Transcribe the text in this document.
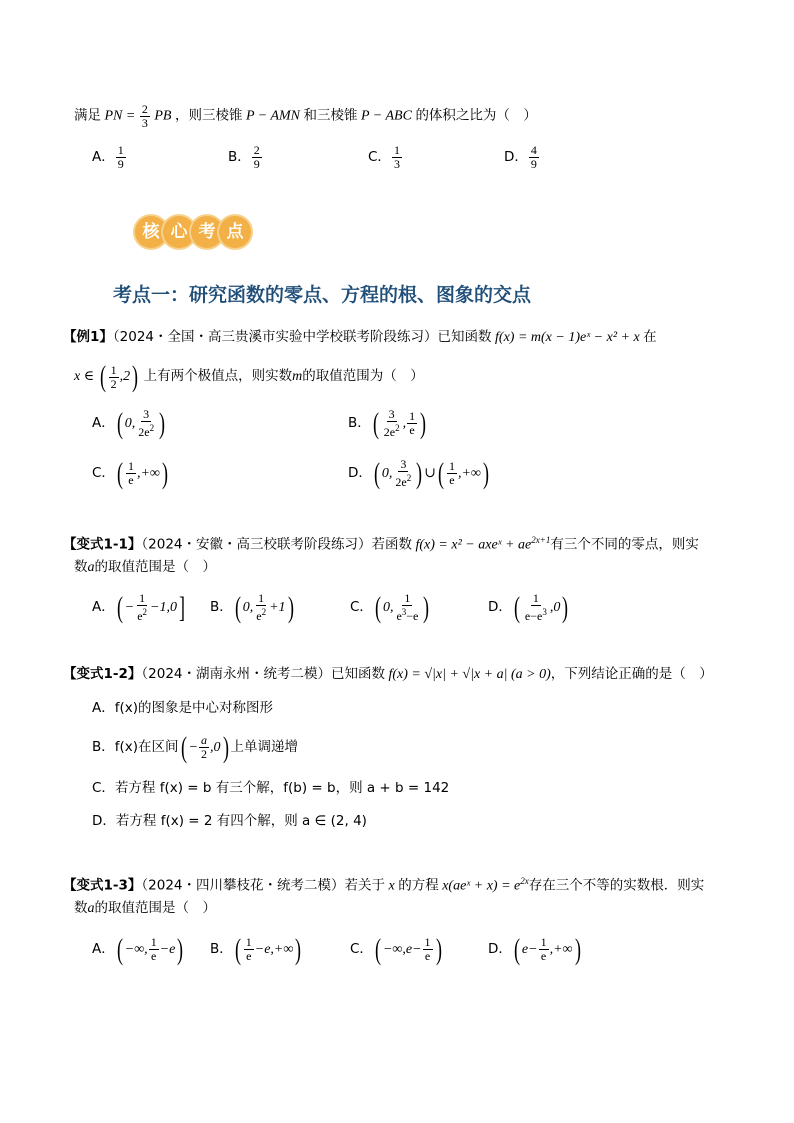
满足 PN = $\frac{2}{3}$ PB ，则三棱锥 P − AMN 和三棱锥 P − ABC 的体积之比为（　）
A． $\frac{1}{9}$	B． $\frac{2}{9}$	C． $\frac{1}{3}$	D． $\frac{4}{9}$
核 心 考 点
考点一：研究函数的零点、方程的根、图象的交点
【例1】（2024・全国・高三贵溪市实验中学校联考阶段练习）已知函数 f(x) = m(x − 1)eˣ − x² + x 在
x ∈ ( $\frac{1}{2} ,2$) 上有两个极值点，则实数m的取值范围为（　）
A．( 0, $\frac{3}{2e^2}$ )	B．( $\frac{3}{2e^2}$ , $\frac{1}{e}$ )
C．( $\frac{1}{e}$ ,+∞)	D．( 0, $\frac{3}{2e^2}$ ) ∪( $\frac{1}{e}$ ,+∞)
【变式1-1】（2024・安徽・高三校联考阶段练习）若函数 f(x) = x² − axeˣ + $ae^{2x+1}$有三个不同的零点，则实
数a的取值范围是（　）
A．( − $\frac{1}{e^2} -1,0$]	B．( 0, $\frac{1}{e^2} +1$)	C．( 0, $\frac{1}{e^3-e}$ )	D．( $\frac{1}{e-e^3} ,0$)
【变式1-2】（2024・湖南永州・统考二模）已知函数 f(x) = √|x| + √|x + a| (a > 0)，下列结论正确的是（　）
A．f(x)的图象是中心对称图形
B．f(x)在区间( − $\frac{a}{2} ,0$) 上单调递增
C．若方程 f(x) = b 有三个解，f(b) = b，则 a + b = 142
D．若方程 f(x) = 2 有四个解，则 a ∈ (2, 4)
【变式1-3】（2024・四川攀枝花・统考二模）若关于 x 的方程 x(aeˣ + $x) = e^{2x}$存在三个不等的实数根．则实
数a的取值范围是（　）
A．( −∞, $\frac{1}{e} -e$)	B．( $\frac{1}{e} -e,+\infty$)	C．( $-\infty,e- \frac{1}{e}$ )	D．( $e- \frac{1}{e}$ ,+∞)
